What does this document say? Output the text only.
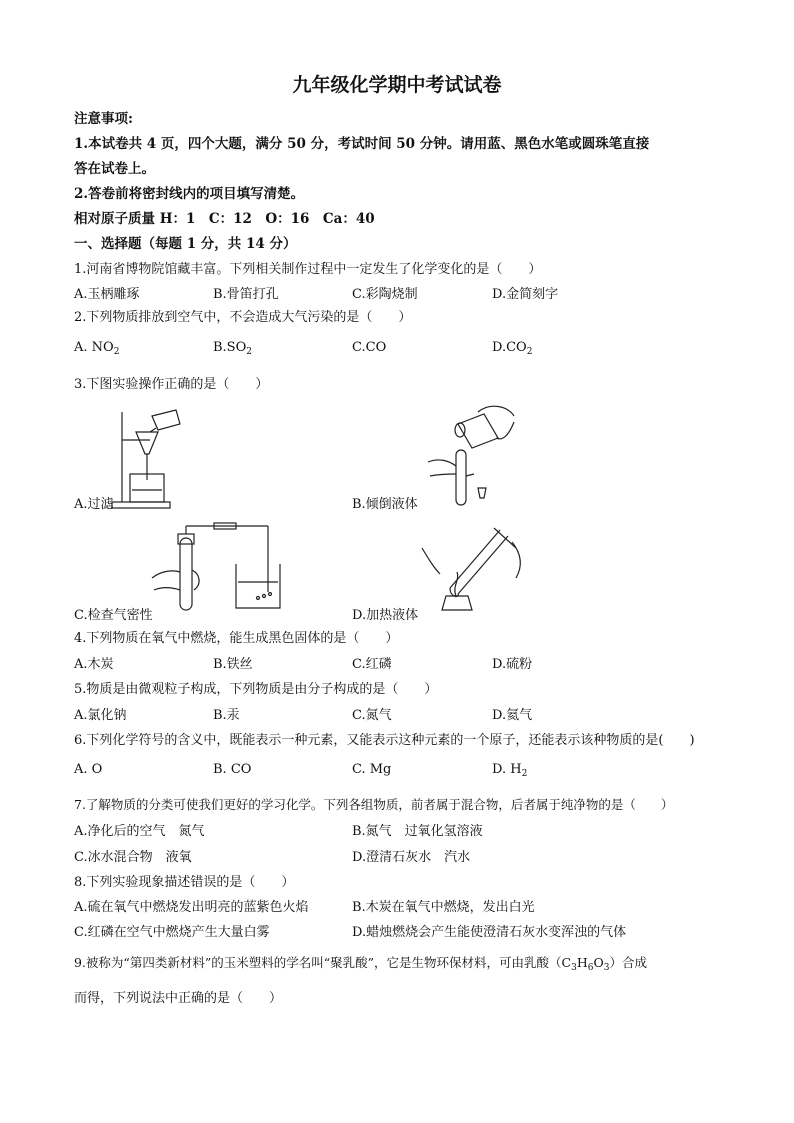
九年级化学期中考试试卷
注意事项:
1.本试卷共 4 页，四个大题，满分 50 分，考试时间 50 分钟。请用蓝、黑色水笔或圆珠笔直接
答在试卷上。
2.答卷前将密封线内的项目填写清楚。
相对原子质量 H：1　C：12　O：16　Ca：40
一、选择题（每题 1 分，共 14 分）
1.河南省博物院馆藏丰富。下列相关制作过程中一定发生了化学变化的是（　　）
A.玉柄雕琢	B.骨笛打孔	C.彩陶烧制	D.金简刻字
2.下列物质排放到空气中，不会造成大气污染的是（　　）
A. $NO_2$	$B.SO_2$	C.CO	$D.CO_2$
3.下图实验操作正确的是（　　）
A.过滤	B.倾倒液体
C.检查气密性	D.加热液体
4.下列物质在氧气中燃烧，能生成黑色固体的是（　　）
A.木炭	B.铁丝	C.红磷	D.硫粉
5.物质是由微观粒子构成，下列物质是由分子构成的是（　　）
A.氯化钠	B.汞	C.氮气	D.氦气
6.下列化学符号的含义中，既能表示一种元素，又能表示这种元素的一个原子，还能表示该种物质的是(　　)
A. O	B. CO	C. Mg	D. $H_2$
7.了解物质的分类可使我们更好的学习化学。下列各组物质，前者属于混合物，后者属于纯净物的是（　　）
A.净化后的空气　氮气	B.氮气　过氧化氢溶液
C.冰水混合物　液氧	D.澄清石灰水　汽水
8.下列实验现象描述错误的是（　　）
A.硫在氧气中燃烧发出明亮的蓝紫色火焰	B.木炭在氧气中燃烧，发出白光
C.红磷在空气中燃烧产生大量白雾	D.蜡烛燃烧会产生能使澄清石灰水变浑浊的气体
9.被称为“第四类新材料”的玉米塑料的学名叫“聚乳酸”，它是生物环保材料，可由乳酸$(C_3H_6O_3)$合成
而得，下列说法中正确的是（　　）
